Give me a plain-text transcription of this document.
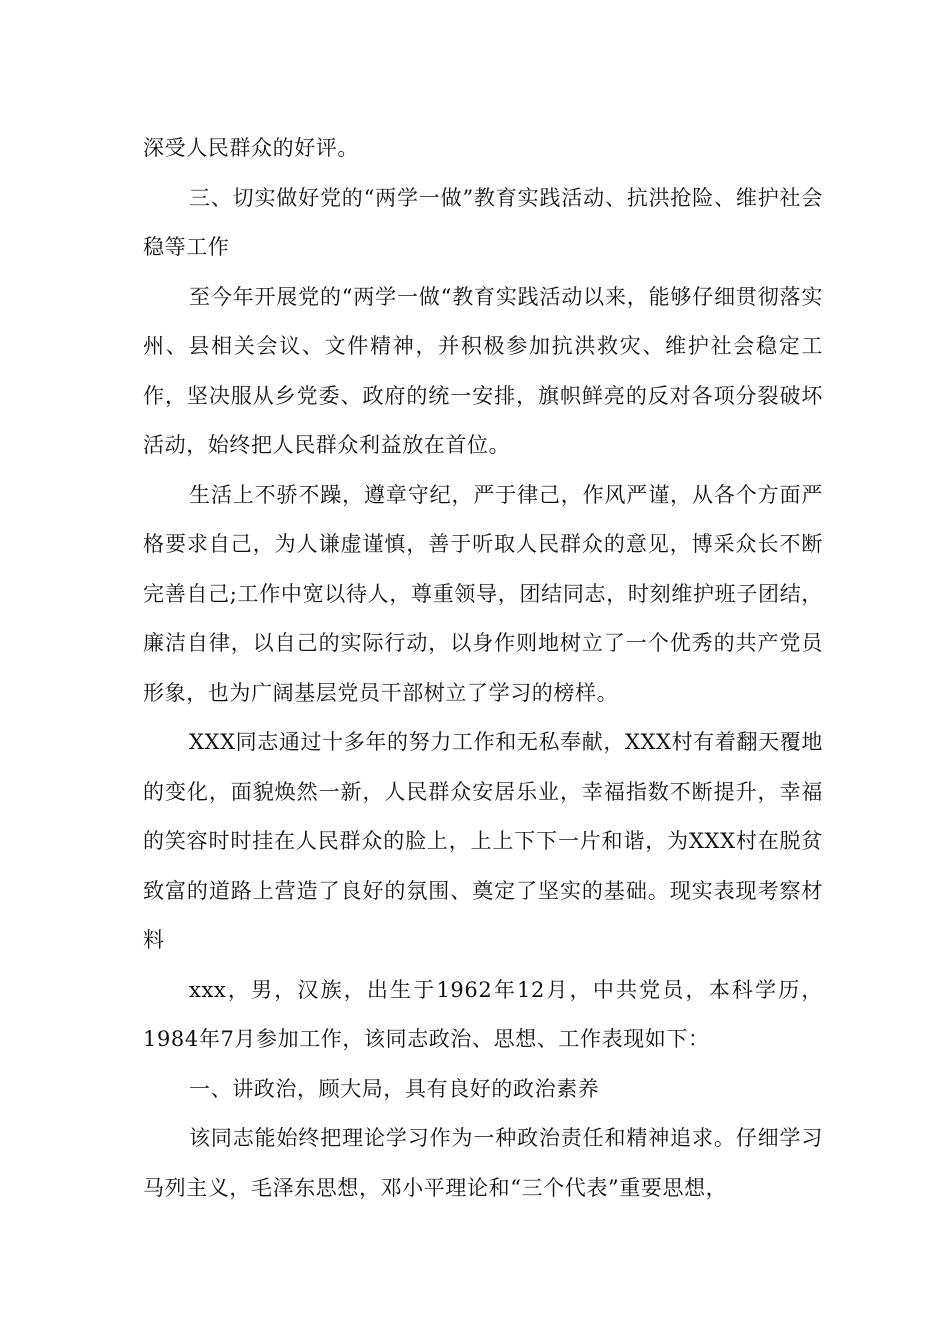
深受人民群众的好评。

三、切实做好党的“两学一做”教育实践活动、抗洪抢险、维护社会稳等工作

至今年开展党的“两学一做“教育实践活动以来，能够仔细贯彻落实州、县相关会议、文件精神，并积极参加抗洪救灾、维护社会稳定工作，坚决服从乡党委、政府的统一安排，旗帜鲜亮的反对各项分裂破坏活动，始终把人民群众利益放在首位。

生活上不骄不躁，遵章守纪，严于律己，作风严谨，从各个方面严格要求自己，为人谦虚谨慎，善于听取人民群众的意见，博采众长不断完善自己;工作中宽以待人，尊重领导，团结同志，时刻维护班子团结，廉洁自律，以自己的实际行动，以身作则地树立了一个优秀的共产党员形象，也为广阔基层党员干部树立了学习的榜样。

XXX同志通过十多年的努力工作和无私奉献，XXX村有着翻天覆地的变化，面貌焕然一新，人民群众安居乐业，幸福指数不断提升，幸福的笑容时时挂在人民群众的脸上，上上下下一片和谐，为XXX村在脱贫致富的道路上营造了良好的氛围、奠定了坚实的基础。现实表现考察材料

xxx，男，汉族，出生于1962年12月，中共党员，本科学历，1984年7月参加工作，该同志政治、思想、工作表现如下：

一、讲政治，顾大局，具有良好的政治素养

该同志能始终把理论学习作为一种政治责任和精神追求。仔细学习马列主义，毛泽东思想，邓小平理论和“三个代表”重要思想，
